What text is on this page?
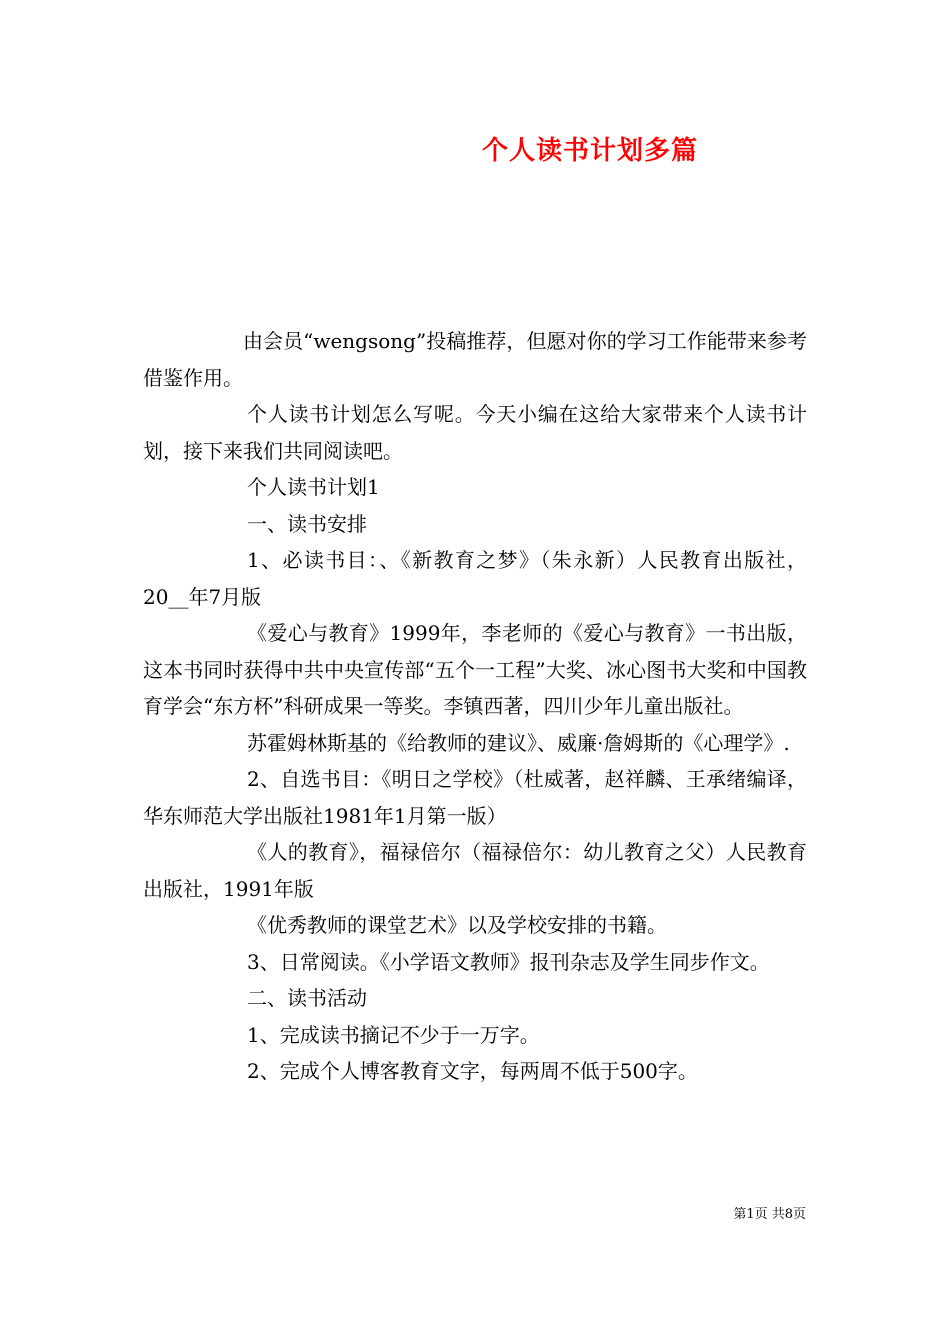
个人读书计划多篇

由会员“wengsong”投稿推荐，但愿对你的学习工作能带来参考借鉴作用。

个人读书计划怎么写呢。今天小编在这给大家带来个人读书计划，接下来我们共同阅读吧。

个人读书计划1

一、读书安排

1、必读书目：、《新教育之梦》（朱永新）人民教育出版社，20__年7月版

《爱心与教育》1999年，李老师的《爱心与教育》一书出版，这本书同时获得中共中央宣传部“五个一工程”大奖、冰心图书大奖和中国教育学会“东方杯”科研成果一等奖。李镇西著，四川少年儿童出版社。

苏霍姆林斯基的《给教师的建议》、威廉·詹姆斯的《心理学》.

2、自选书目：《明日之学校》（杜威著，赵祥麟、王承绪编译，华东师范大学出版社1981年1月第一版）

《人的教育》，福禄倍尔（福禄倍尔：幼儿教育之父）人民教育出版社，1991年版

《优秀教师的课堂艺术》以及学校安排的书籍。

3、日常阅读。《小学语文教师》报刊杂志及学生同步作文。

二、读书活动

1、完成读书摘记不少于一万字。

2、完成个人博客教育文字，每两周不低于500字。

第1页 共8页
